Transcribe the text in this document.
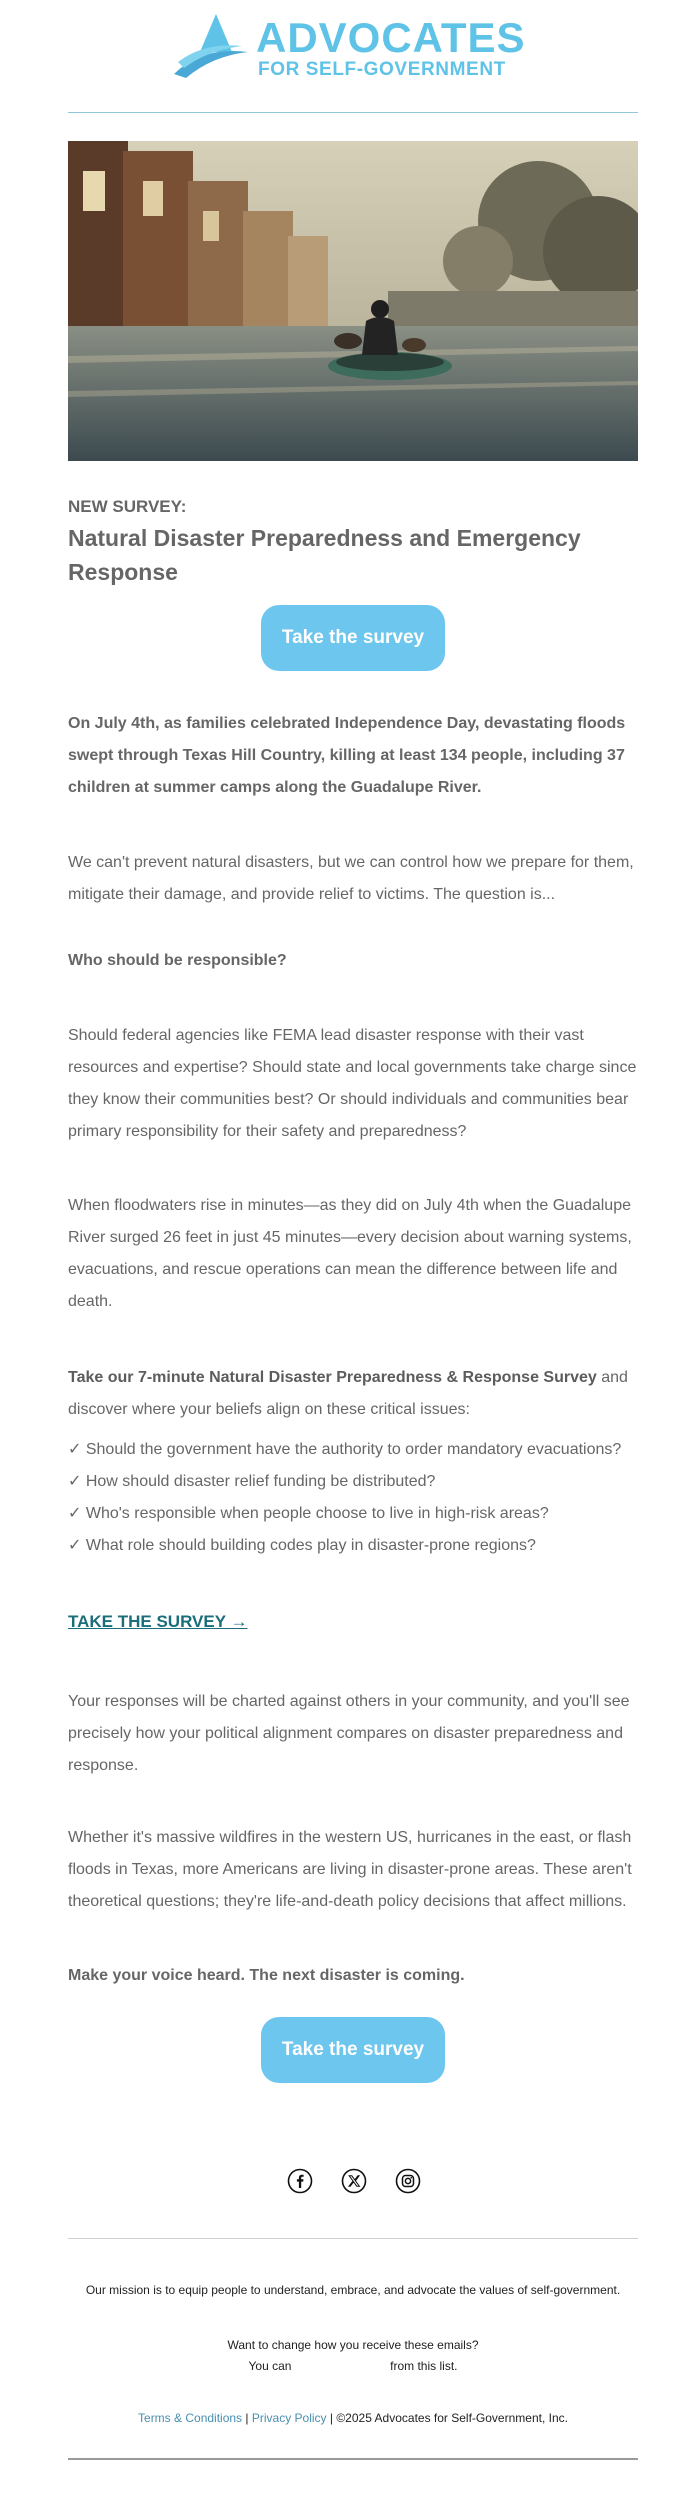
ADVOCATES
FOR SELF-GOVERNMENT
NEW SURVEY:
Natural Disaster Preparedness and Emergency Response
Take the survey

On July 4th, as families celebrated Independence Day, devastating floods swept through Texas Hill Country, killing at least 134 people, including 37 children at summer camps along the Guadalupe River.

We can't prevent natural disasters, but we can control how we prepare for them, mitigate their damage, and provide relief to victims. The question is...

Who should be responsible?

Should federal agencies like FEMA lead disaster response with their vast resources and expertise? Should state and local governments take charge since they know their communities best? Or should individuals and communities bear primary responsibility for their safety and preparedness?

When floodwaters rise in minutes—as they did on July 4th when the Guadalupe River surged 26 feet in just 45 minutes—every decision about warning systems, evacuations, and rescue operations can mean the difference between life and death.

Take our 7-minute Natural Disaster Preparedness & Response Survey and discover where your beliefs align on these critical issues:

✓ Should the government have the authority to order mandatory evacuations?

✓ How should disaster relief funding be distributed?

✓ Who's responsible when people choose to live in high-risk areas?

✓ What role should building codes play in disaster-prone regions?

TAKE THE SURVEY →

Your responses will be charted against others in your community, and you'll see precisely how your political alignment compares on disaster preparedness and response.

Whether it's massive wildfires in the western US, hurricanes in the east, or flash floods in Texas, more Americans are living in disaster-prone areas. These aren't theoretical questions; they're life-and-death policy decisions that affect millions.

Make your voice heard. The next disaster is coming.

Take the survey
Our mission is to equip people to understand, embrace, and advocate the values of self-government.
Want to change how you receive these emails?
You can	from this list.
Terms & Conditions | Privacy Policy | ©2025 Advocates for Self-Government, Inc.
